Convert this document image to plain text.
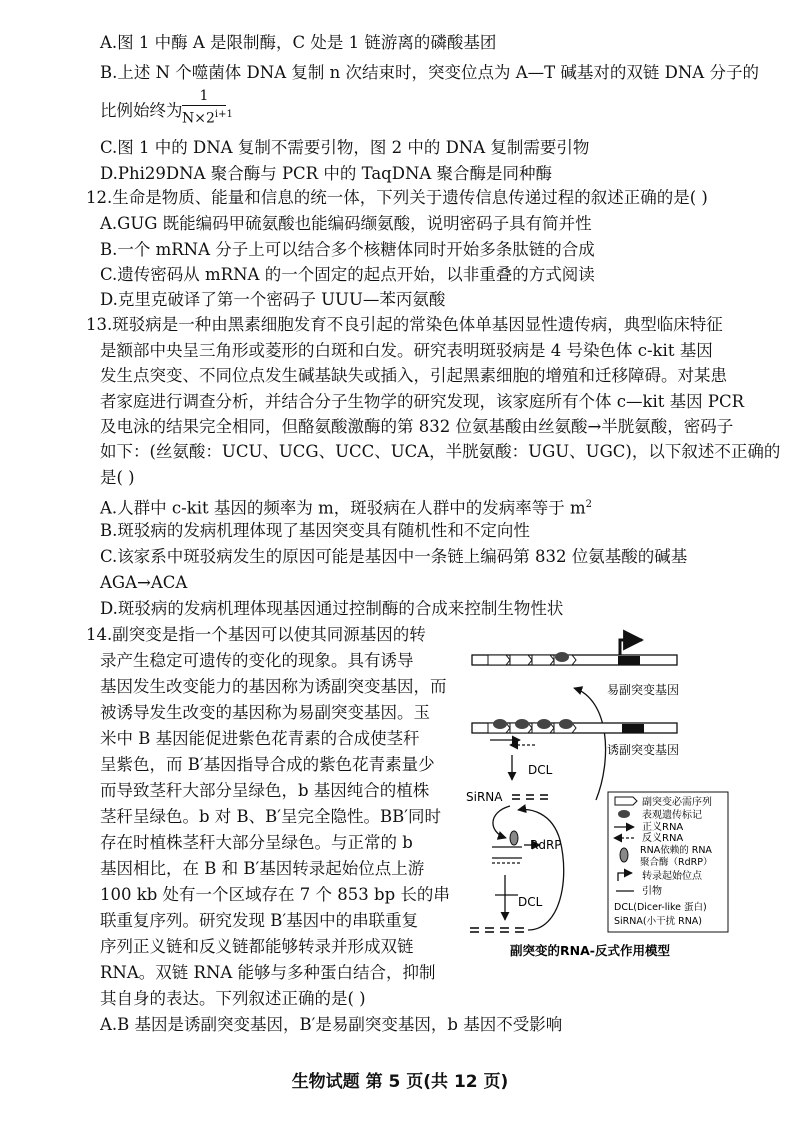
A.图 1 中酶 A 是限制酶，C 处是 1 链游离的磷酸基团
B.上述 N 个噬菌体 DNA 复制 n 次结束时，突变位点为 A—T 碱基对的双链 DNA 分子的
比例始终为
1
$N\times 2^{i+1}$
C.图 1 中的 DNA 复制不需要引物，图 2 中的 DNA 复制需要引物
D.Phi29DNA 聚合酶与 PCR 中的 TaqDNA 聚合酶是同种酶
12.生命是物质、能量和信息的统一体，下列关于遗传信息传递过程的叙述正确的是( )
A.GUG 既能编码甲硫氨酸也能编码缬氨酸，说明密码子具有简并性
B.一个 mRNA 分子上可以结合多个核糖体同时开始多条肽链的合成
C.遗传密码从 mRNA 的一个固定的起点开始，以非重叠的方式阅读
D.克里克破译了第一个密码子 UUU—苯丙氨酸
13.斑驳病是一种由黑素细胞发育不良引起的常染色体单基因显性遗传病，典型临床特征
是额部中央呈三角形或菱形的白斑和白发。研究表明斑驳病是 4 号染色体 c-kit 基因
发生点突变、不同位点发生碱基缺失或插入，引起黑素细胞的增殖和迁移障碍。对某患
者家庭进行调查分析，并结合分子生物学的研究发现，该家庭所有个体 c—kit 基因 PCR
及电泳的结果完全相同，但酪氨酸激酶的第 832 位氨基酸由丝氨酸→半胱氨酸，密码子
如下：(丝氨酸：UCU、UCG、UCC、UCA，半胱氨酸：UGU、UGC)，以下叙述不正确的
是( )
A.人群中 c-kit 基因的频率为 m，斑驳病在人群中的发病率等于 $m^2$
B.斑驳病的发病机理体现了基因突变具有随机性和不定向性
C.该家系中斑驳病发生的原因可能是基因中一条链上编码第 832 位氨基酸的碱基
AGA→ACA
D.斑驳病的发病机理体现基因通过控制酶的合成来控制生物性状
14.副突变是指一个基因可以使其同源基因的转
录产生稳定可遗传的变化的现象。具有诱导
基因发生改变能力的基因称为诱副突变基因，而
被诱导发生改变的基因称为易副突变基因。玉
米中 B 基因能促进紫色花青素的合成使茎秆
呈紫色，而 B′基因指导合成的紫色花青素量少
而导致茎秆大部分呈绿色，b 基因纯合的植株
茎秆呈绿色。b 对 B、B′呈完全隐性。BB′同时
存在时植株茎秆大部分呈绿色。与正常的 b
基因相比，在 B 和 B′基因转录起始位点上游
100 kb 处有一个区域存在 7 个 853 bp 长的串
联重复序列。研究发现 B′基因中的串联重复
序列正义链和反义链都能够转录并形成双链
RNA。双链 RNA 能够与多种蛋白结合，抑制
其自身的表达。下列叙述正确的是( )
A.B 基因是诱副突变基因，B′是易副突变基因，b 基因不受影响
易副突变基因
诱副突变基因
DCL
SiRNA
RdRP
DCL
副突变必需序列
表观遗传标记
正义RNA
反义RNA
RNA依赖的 RNA
聚合酶（RdRP）
转录起始位点
引物
DCL(Dicer-like 蛋白)
SiRNA(小干扰 RNA)
副突变的RNA-反式作用模型
生物试题 第 5 页(共 12 页)
